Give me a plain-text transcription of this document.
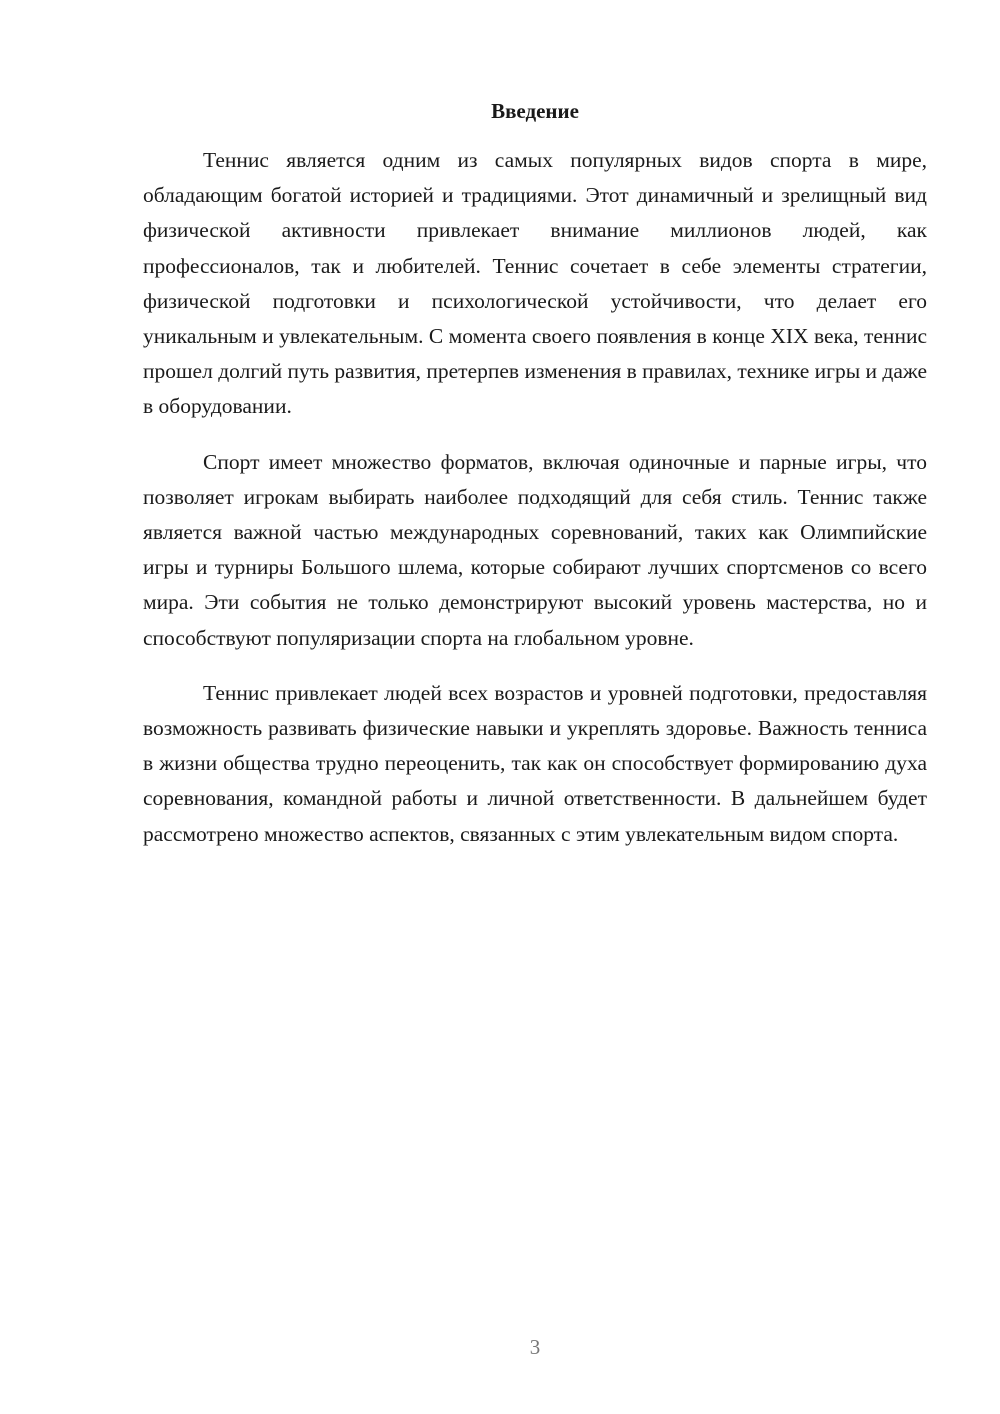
Введение

Теннис является одним из самых популярных видов спорта в мире, обладающим богатой историей и традициями. Этот динамичный и зрелищный вид физической активности привлекает внимание миллионов людей, как профессионалов, так и любителей. Теннис сочетает в себе элементы стратегии, физической подготовки и психологической устойчивости, что делает его уникальным и увлекательным. С момента своего появления в конце XIX века, теннис прошел долгий путь развития, претерпев изменения в правилах, технике игры и даже в оборудовании.

Спорт имеет множество форматов, включая одиночные и парные игры, что позволяет игрокам выбирать наиболее подходящий для себя стиль. Теннис также является важной частью международных соревнований, таких как Олимпийские игры и турниры Большого шлема, которые собирают лучших спортсменов со всего мира. Эти события не только демонстрируют высокий уровень мастерства, но и способствуют популяризации спорта на глобальном уровне.

Теннис привлекает людей всех возрастов и уровней подготовки, предоставляя возможность развивать физические навыки и укреплять здоровье. Важность тенниса в жизни общества трудно переоценить, так как он способствует формированию духа соревнования, командной работы и личной ответственности. В дальнейшем будет рассмотрено множество аспектов, связанных с этим увлекательным видом спорта.

3
